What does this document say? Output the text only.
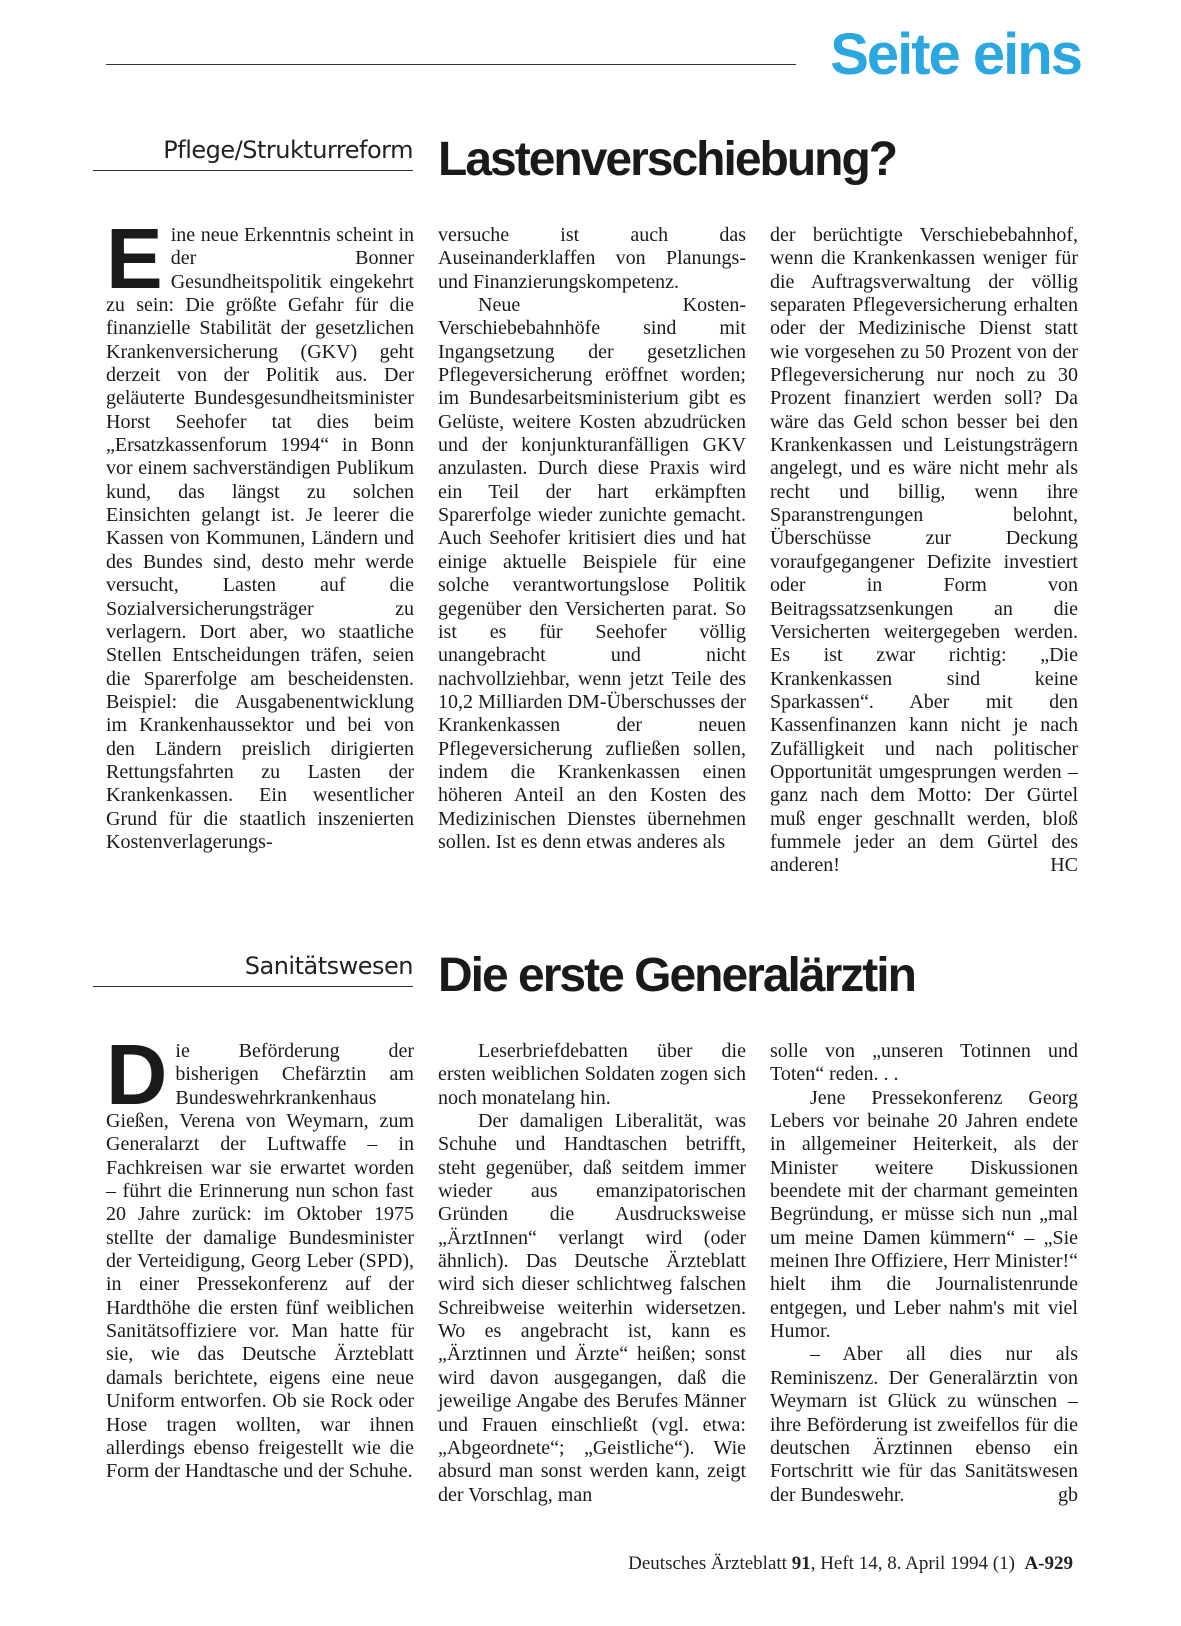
Seite eins
Pflege/Strukturreform Lastenverschiebung?

Eine neue Erkenntnis scheint in der Bonner Gesundheitspolitik eingekehrt zu sein: Die größte Gefahr für die finanzielle Stabilität der gesetzlichen Krankenversicherung (GKV) geht derzeit von der Politik aus. Der geläuterte Bundesgesundheitsminister Horst Seehofer tat dies beim „Ersatzkassenforum 1994“ in Bonn vor einem sachverständigen Publikum kund, das längst zu solchen Einsichten gelangt ist. Je leerer die Kassen von Kommunen, Ländern und des Bundes sind, desto mehr werde versucht, Lasten auf die Sozialversicherungsträger zu verlagern. Dort aber, wo staatliche Stellen Entscheidungen träfen, seien die Sparerfolge am bescheidensten. Beispiel: die Ausgabenentwicklung im Krankenhaussektor und bei von den Ländern preislich dirigierten Rettungsfahrten zu Lasten der Krankenkassen. Ein wesentlicher Grund für die staatlich inszenierten Kostenverlagerungs-

versuche ist auch das Auseinanderklaffen von Planungs- und Finanzierungskompetenz.

Neue Kosten-Verschiebebahnhöfe sind mit Ingangsetzung der gesetzlichen Pflegeversicherung eröffnet worden; im Bundesarbeitsministerium gibt es Gelüste, weitere Kosten abzudrücken und der konjunkturanfälligen GKV anzulasten. Durch diese Praxis wird ein Teil der hart erkämpften Sparerfolge wieder zunichte gemacht. Auch Seehofer kritisiert dies und hat einige aktuelle Beispiele für eine solche verantwortungslose Politik gegenüber den Versicherten parat. So ist es für Seehofer völlig unangebracht und nicht nachvollziehbar, wenn jetzt Teile des 10,2 Milliarden DM-Überschusses der Krankenkassen der neuen Pflegeversicherung zufließen sollen, indem die Krankenkassen einen höheren Anteil an den Kosten des Medizinischen Dienstes übernehmen sollen. Ist es denn etwas anderes als

der berüchtigte Verschiebebahnhof, wenn die Krankenkassen weniger für die Auftragsverwaltung der völlig separaten Pflegeversicherung erhalten oder der Medizinische Dienst statt wie vorgesehen zu 50 Prozent von der Pflegeversicherung nur noch zu 30 Prozent finanziert werden soll? Da wäre das Geld schon besser bei den Krankenkassen und Leistungsträgern angelegt, und es wäre nicht mehr als recht und billig, wenn ihre Sparanstrengungen belohnt, Überschüsse zur Deckung voraufgegangener Defizite investiert oder in Form von Beitragssatzsenkungen an die Versicherten weitergegeben werden. Es ist zwar richtig: „Die Krankenkassen sind keine Sparkassen“. Aber mit den Kassenfinanzen kann nicht je nach Zufälligkeit und nach politischer Opportunität umgesprungen werden – ganz nach dem Motto: Der Gürtel muß enger geschnallt werden, bloß fummele jeder an dem Gürtel des anderen!	HC

Sanitätswesen Die erste Generalärztin

Die Beförderung der bisherigen Chefärztin am Bundeswehrkrankenhaus Gießen, Verena von Weymarn, zum Generalarzt der Luftwaffe – in Fachkreisen war sie erwartet worden – führt die Erinnerung nun schon fast 20 Jahre zurück: im Oktober 1975 stellte der damalige Bundesminister der Verteidigung, Georg Leber (SPD), in einer Pressekonferenz auf der Hardthöhe die ersten fünf weiblichen Sanitätsoffiziere vor. Man hatte für sie, wie das Deutsche Ärzteblatt damals berichtete, eigens eine neue Uniform entworfen. Ob sie Rock oder Hose tragen wollten, war ihnen allerdings ebenso freigestellt wie die Form der Handtasche und der Schuhe.

Leserbriefdebatten über die ersten weiblichen Soldaten zogen sich noch monatelang hin.

Der damaligen Liberalität, was Schuhe und Handtaschen betrifft, steht gegenüber, daß seitdem immer wieder aus emanzipatorischen Gründen die Ausdrucksweise „ÄrztInnen“ verlangt wird (oder ähnlich). Das Deutsche Ärzteblatt wird sich dieser schlichtweg falschen Schreibweise weiterhin widersetzen. Wo es angebracht ist, kann es „Ärztinnen und Ärzte“ heißen; sonst wird davon ausgegangen, daß die jeweilige Angabe des Berufes Männer und Frauen einschließt (vgl. etwa: „Abgeordnete“; „Geistliche“). Wie absurd man sonst werden kann, zeigt der Vorschlag, man

solle von „unseren Totinnen und Toten“ reden. . .

Jene Pressekonferenz Georg Lebers vor beinahe 20 Jahren endete in allgemeiner Heiterkeit, als der Minister weitere Diskussionen beendete mit der charmant gemeinten Begründung, er müsse sich nun „mal um meine Damen kümmern“ – „Sie meinen Ihre Offiziere, Herr Minister!“ hielt ihm die Journalistenrunde entgegen, und Leber nahm's mit viel Humor.

– Aber all dies nur als Reminiszenz. Der Generalärztin von Weymarn ist Glück zu wünschen – ihre Beförderung ist zweifellos für die deutschen Ärztinnen ebenso ein Fortschritt wie für das Sanitätswesen der Bundeswehr.	gb

Deutsches Ärzteblatt 91, Heft 14, 8. April 1994 (1) A-929
